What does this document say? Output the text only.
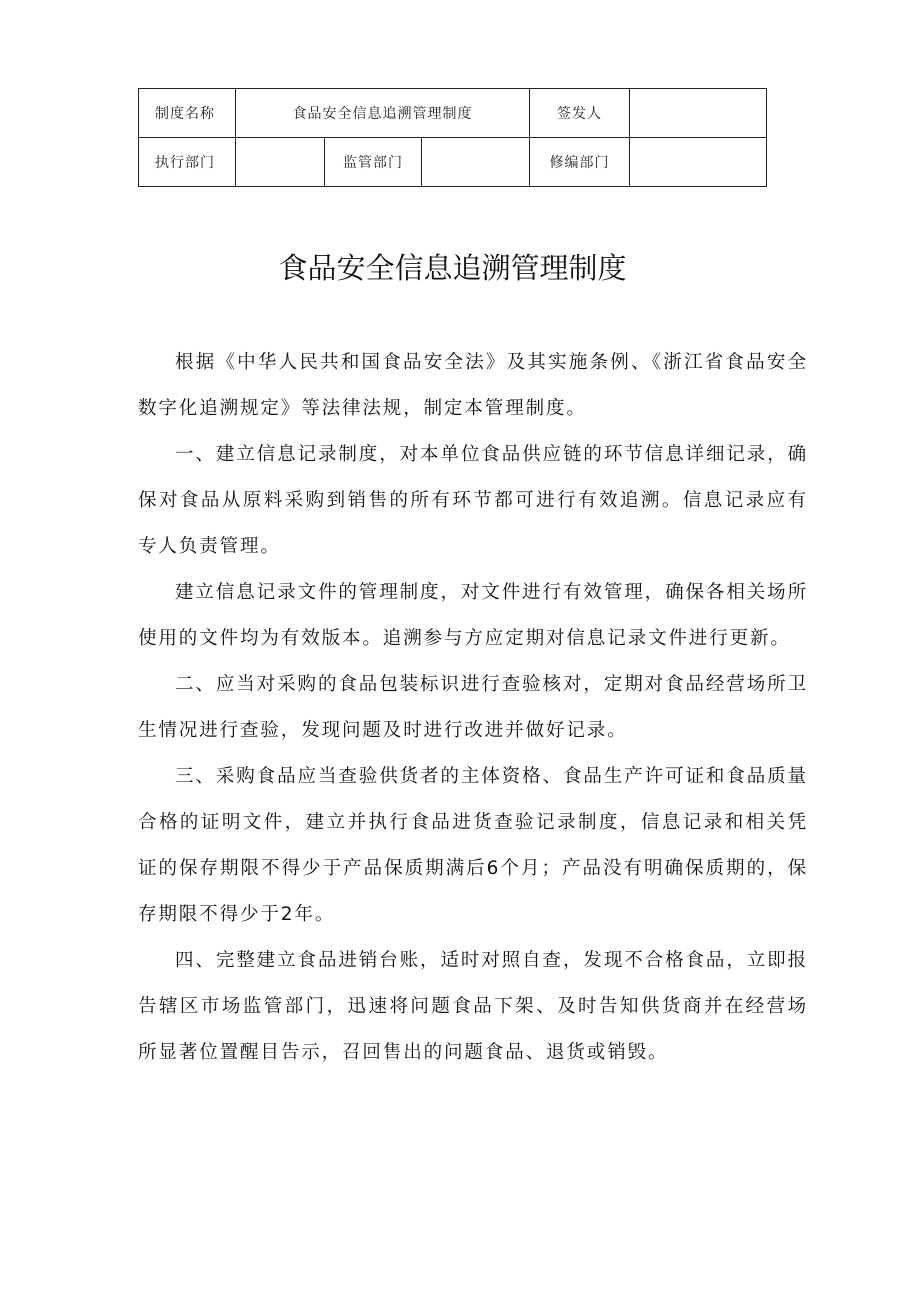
制度名称	食品安全信息追溯管理制度			签发人	
执行部门		监管部门		修编部门	
食品安全信息追溯管理制度

根据《中华人民共和国食品安全法》及其实施条例、《浙江省食品安全数字化追溯规定》等法律法规，制定本管理制度。

一、建立信息记录制度，对本单位食品供应链的环节信息详细记录，确保对食品从原料采购到销售的所有环节都可进行有效追溯。信息记录应有专人负责管理。

建立信息记录文件的管理制度，对文件进行有效管理，确保各相关场所使用的文件均为有效版本。追溯参与方应定期对信息记录文件进行更新。

二、应当对采购的食品包装标识进行查验核对，定期对食品经营场所卫生情况进行查验，发现问题及时进行改进并做好记录。

三、采购食品应当查验供货者的主体资格、食品生产许可证和食品质量合格的证明文件，建立并执行食品进货查验记录制度，信息记录和相关凭证的保存期限不得少于产品保质期满后6个月；产品没有明确保质期的，保存期限不得少于2年。

四、完整建立食品进销台账，适时对照自查，发现不合格食品，立即报告辖区市场监管部门，迅速将问题食品下架、及时告知供货商并在经营场所显著位置醒目告示，召回售出的问题食品、退货或销毁。
